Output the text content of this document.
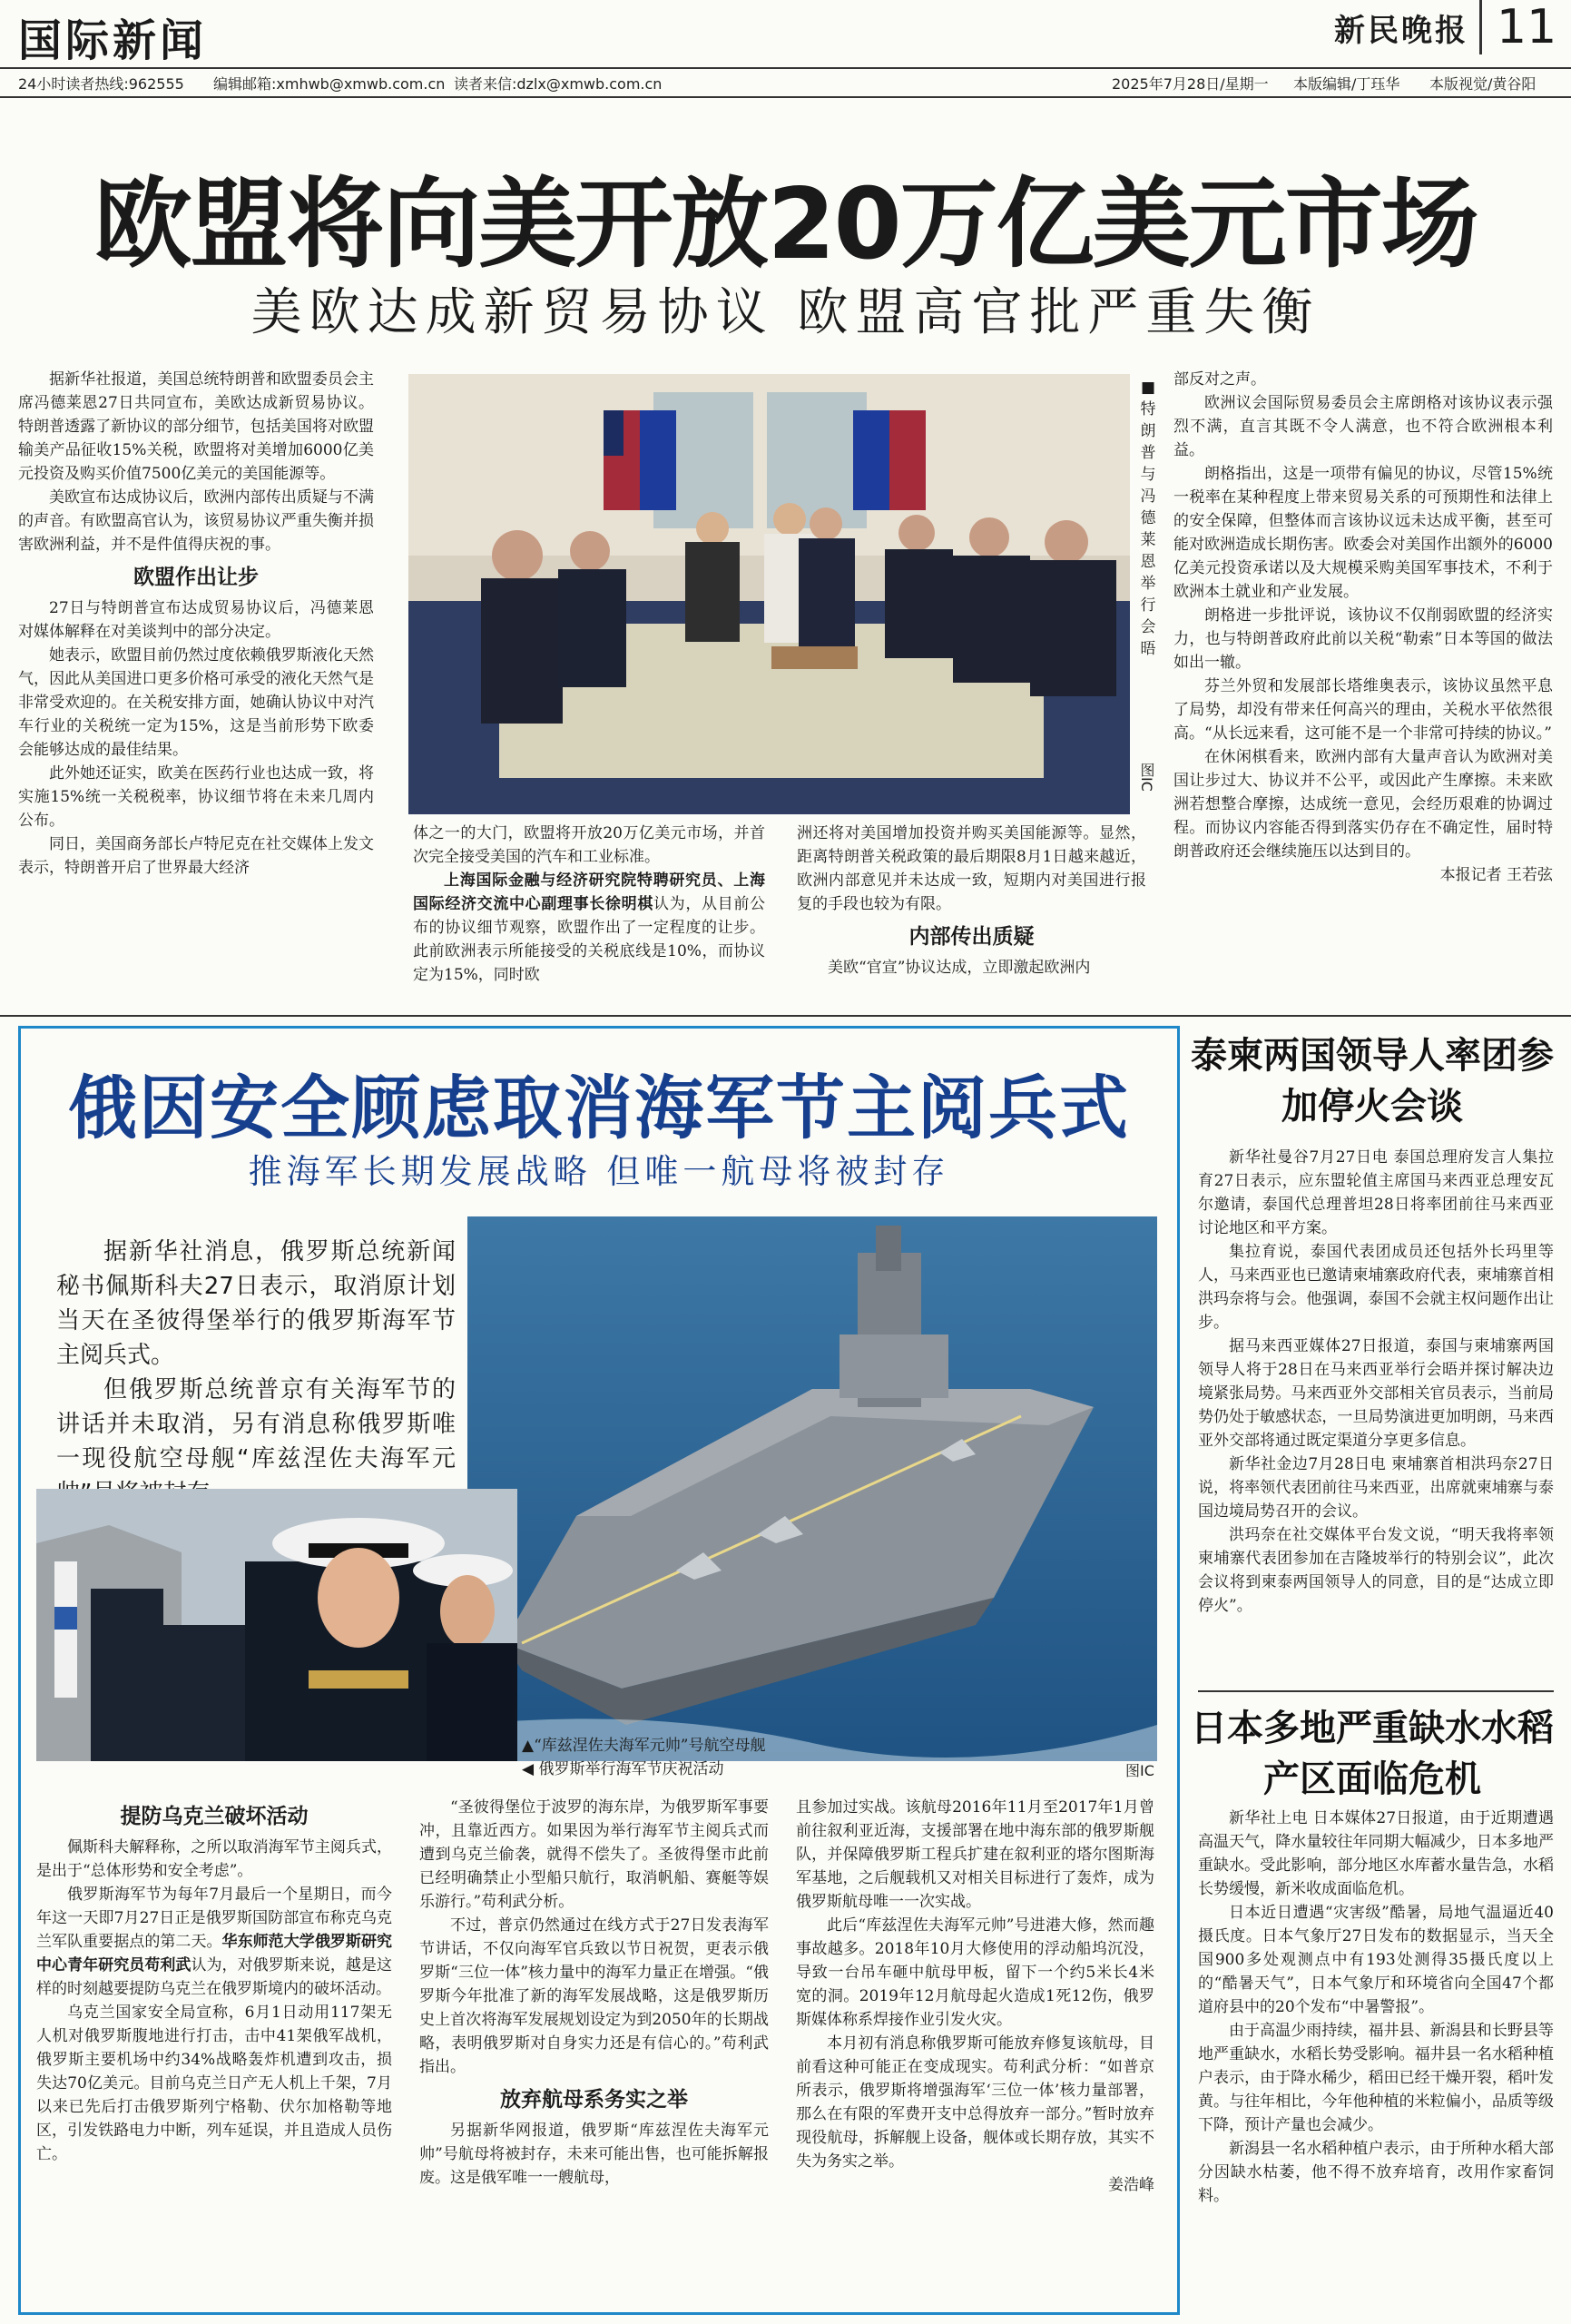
国际新闻	新民晚报 11
24小时读者热线:962555 编辑邮箱:xmhwb@xmwb.com.cn 读者来信:dzlx@xmwb.com.cn	2025年7月28日/星期一 本版编辑/丁珏华 本版视觉/黄谷阳
欧盟将向美开放20万亿美元市场
美欧达成新贸易协议 欧盟高官批严重失衡

据新华社报道，美国总统特朗普和欧盟委员会主席冯德莱恩27日共同宣布，美欧达成新贸易协议。特朗普透露了新协议的部分细节，包括美国将对欧盟输美产品征收15%关税，欧盟将对美增加6000亿美元投资及购买价值7500亿美元的美国能源等。

美欧宣布达成协议后，欧洲内部传出质疑与不满的声音。有欧盟高官认为，该贸易协议严重失衡并损害欧洲利益，并不是件值得庆祝的事。

欧盟作出让步

27日与特朗普宣布达成贸易协议后，冯德莱恩对媒体解释在对美谈判中的部分决定。

她表示，欧盟目前仍然过度依赖俄罗斯液化天然气，因此从美国进口更多价格可承受的液化天然气是非常受欢迎的。在关税安排方面，她确认协议中对汽车行业的关税统一定为15%，这是当前形势下欧委会能够达成的最佳结果。

此外她还证实，欧美在医药行业也达成一致，将实施15%统一关税税率，协议细节将在未来几周内公布。

同日，美国商务部长卢特尼克在社交媒体上发文表示，特朗普开启了世界最大经济

■
特朗普与冯德莱恩举行会晤
图IC

体之一的大门，欧盟将开放20万亿美元市场，并首次完全接受美国的汽车和工业标准。

上海国际金融与经济研究院特聘研究员、上海国际经济交流中心副理事长徐明棋认为，从目前公布的协议细节观察，欧盟作出了一定程度的让步。此前欧洲表示所能接受的关税底线是10%，而协议定为15%，同时欧

洲还将对美国增加投资并购买美国能源等。显然，距离特朗普关税政策的最后期限8月1日越来越近，欧洲内部意见并未达成一致，短期内对美国进行报复的手段也较为有限。

内部传出质疑

美欧“官宣”协议达成，立即激起欧洲内

部反对之声。

欧洲议会国际贸易委员会主席朗格对该协议表示强烈不满，直言其既不令人满意，也不符合欧洲根本利益。

朗格指出，这是一项带有偏见的协议，尽管15%统一税率在某种程度上带来贸易关系的可预期性和法律上的安全保障，但整体而言该协议远未达成平衡，甚至可能对欧洲造成长期伤害。欧委会对美国作出额外的6000亿美元投资承诺以及大规模采购美国军事技术，不利于欧洲本土就业和产业发展。

朗格进一步批评说，该协议不仅削弱欧盟的经济实力，也与特朗普政府此前以关税“勒索”日本等国的做法如出一辙。

芬兰外贸和发展部长塔维奥表示，该协议虽然平息了局势，却没有带来任何高兴的理由，关税水平依然很高。“从长远来看，这可能不是一个非常可持续的协议。”

在休闲棋看来，欧洲内部有大量声音认为欧洲对美国让步过大、协议并不公平，或因此产生摩擦。未来欧洲若想整合摩擦，达成统一意见，会经历艰难的协调过程。而协议内容能否得到落实仍存在不确定性，届时特朗普政府还会继续施压以达到目的。

本报记者 王若弦

俄因安全顾虑取消海军节主阅兵式
推海军长期发展战略 但唯一航母将被封存

据新华社消息，俄罗斯总统新闻秘书佩斯科夫27日表示，取消原计划当天在圣彼得堡举行的俄罗斯海军节主阅兵式。

但俄罗斯总统普京有关海军节的讲话并未取消，另有消息称俄罗斯唯一现役航空母舰“库兹涅佐夫海军元

▲“库兹涅佐夫海军元帅”号航空母舰
◀ 俄罗斯举行海军节庆祝活动	图IC
提防乌克兰破坏活动

佩斯科夫解释称，之所以取消海军节主阅兵式，是出于“总体形势和安全考虑”。

俄罗斯海军节为每年7月最后一个星期日，而今年这一天即7月27日正是俄罗斯国防部宣布称克乌克兰军队重要据点的第二天。华东师范大学俄罗斯研究中心青年研究员苟利武认为，对俄罗斯来说，越是这样的时刻越要提防乌克兰在俄罗斯境内的破坏活动。

乌克兰国家安全局宣称，6月1日动用117架无人机对俄罗斯腹地进行打击，击中41架俄军战机，俄罗斯主要机场中约34%战略轰炸机遭到攻击，损失达70亿美元。目前乌克兰日产无人机上千架，7月以来已先后打击俄罗斯列宁格勒、伏尔加格勒等地区，引发铁路电力中断，列车延误，并且造成人员伤亡。

“圣彼得堡位于波罗的海东岸，为俄罗斯军事要冲，且靠近西方。如果因为举行海军节主阅兵式而遭到乌克兰偷袭，就得不偿失了。圣彼得堡市此前已经明确禁止小型船只航行，取消帆船、赛艇等娱乐游行。”苟利武分析。

不过，普京仍然通过在线方式于27日发表海军节讲话，不仅向海军官兵致以节日祝贺，更表示俄罗斯“三位一体”核力量中的海军力量正在增强。“俄罗斯今年批准了新的海军发展战略，这是俄罗斯历史上首次将海军发展规划设定为到2050年的长期战略，表明俄罗斯对自身实力还是有信心的。”苟利武指出。

放弃航母系务实之举

另据新华网报道，俄罗斯“库兹涅佐夫海军元帅”号航母将被封存，未来可能出售，也可能拆解报废。这是俄军唯一一艘航母，

且参加过实战。该航母2016年11月至2017年1月曾前往叙利亚近海，支援部署在地中海东部的俄罗斯舰队，并保障俄罗斯工程兵扩建在叙利亚的塔尔图斯海军基地，之后舰载机又对相关目标进行了轰炸，成为俄罗斯航母唯一一次实战。

此后“库兹涅佐夫海军元帅”号进港大修，然而趣事故越多。2018年10月大修使用的浮动船坞沉没，导致一台吊车砸中航母甲板，留下一个约5米长4米宽的洞。2019年12月航母起火造成1死12伤，俄罗斯媒体称系焊接作业引发火灾。

本月初有消息称俄罗斯可能放弃修复该航母，目前看这种可能正在变成现实。苟利武分析：“如普京所表示，俄罗斯将增强海军‘三位一体’核力量部署，那么在有限的军费开支中总得放弃一部分。”暂时放弃现役航母，拆解舰上设备，舰体或长期存放，其实不失为务实之举。

姜浩峰

泰柬两国领导人率团参加停火会谈

新华社曼谷7月27日电 泰国总理府发言人集拉育27日表示，应东盟轮值主席国马来西亚总理安瓦尔邀请，泰国代总理普坦28日将率团前往马来西亚讨论地区和平方案。

集拉育说，泰国代表团成员还包括外长玛里等人，马来西亚也已邀请柬埔寨政府代表，柬埔寨首相洪玛奈将与会。他强调，泰国不会就主权问题作出让步。

据马来西亚媒体27日报道，泰国与柬埔寨两国领导人将于28日在马来西亚举行会晤并探讨解决边境紧张局势。马来西亚外交部相关官员表示，当前局势仍处于敏感状态，一旦局势演进更加明朗，马来西亚外交部将通过既定渠道分享更多信息。

新华社金边7月28日电 柬埔寨首相洪玛奈27日说，将率领代表团前往马来西亚，出席就柬埔寨与泰国边境局势召开的会议。

洪玛奈在社交媒体平台发文说，“明天我将率领柬埔寨代表团参加在吉隆坡举行的特别会议”，此次会议将到柬泰两国领导人的同意，目的是“达成立即停火”。

日本多地严重缺水水稻产区面临危机

新华社上电 日本媒体27日报道，由于近期遭遇高温天气，降水量较往年同期大幅减少，日本多地严重缺水。受此影响，部分地区水库蓄水量告急，水稻长势缓慢，新米收成面临危机。

日本近日遭遇“灾害级”酷暑，局地气温逼近40摄氏度。日本气象厅27日发布的数据显示，当天全国900多处观测点中有193处测得35摄氏度以上的“酷暑天气”，日本气象厅和环境省向全国47个都道府县中的20个发布“中暑警报”。

由于高温少雨持续，福井县、新潟县和长野县等地严重缺水，水稻长势受影响。福井县一名水稻种植户表示，由于降水稀少，稻田已经干燥开裂，稻叶发黄。与往年相比，今年他种植的米粒偏小，品质等级下降，预计产量也会减少。

新潟县一名水稻种植户表示，由于所种水稻大部分因缺水枯萎，他不得不放弃培育，改用作家畜饲料。
